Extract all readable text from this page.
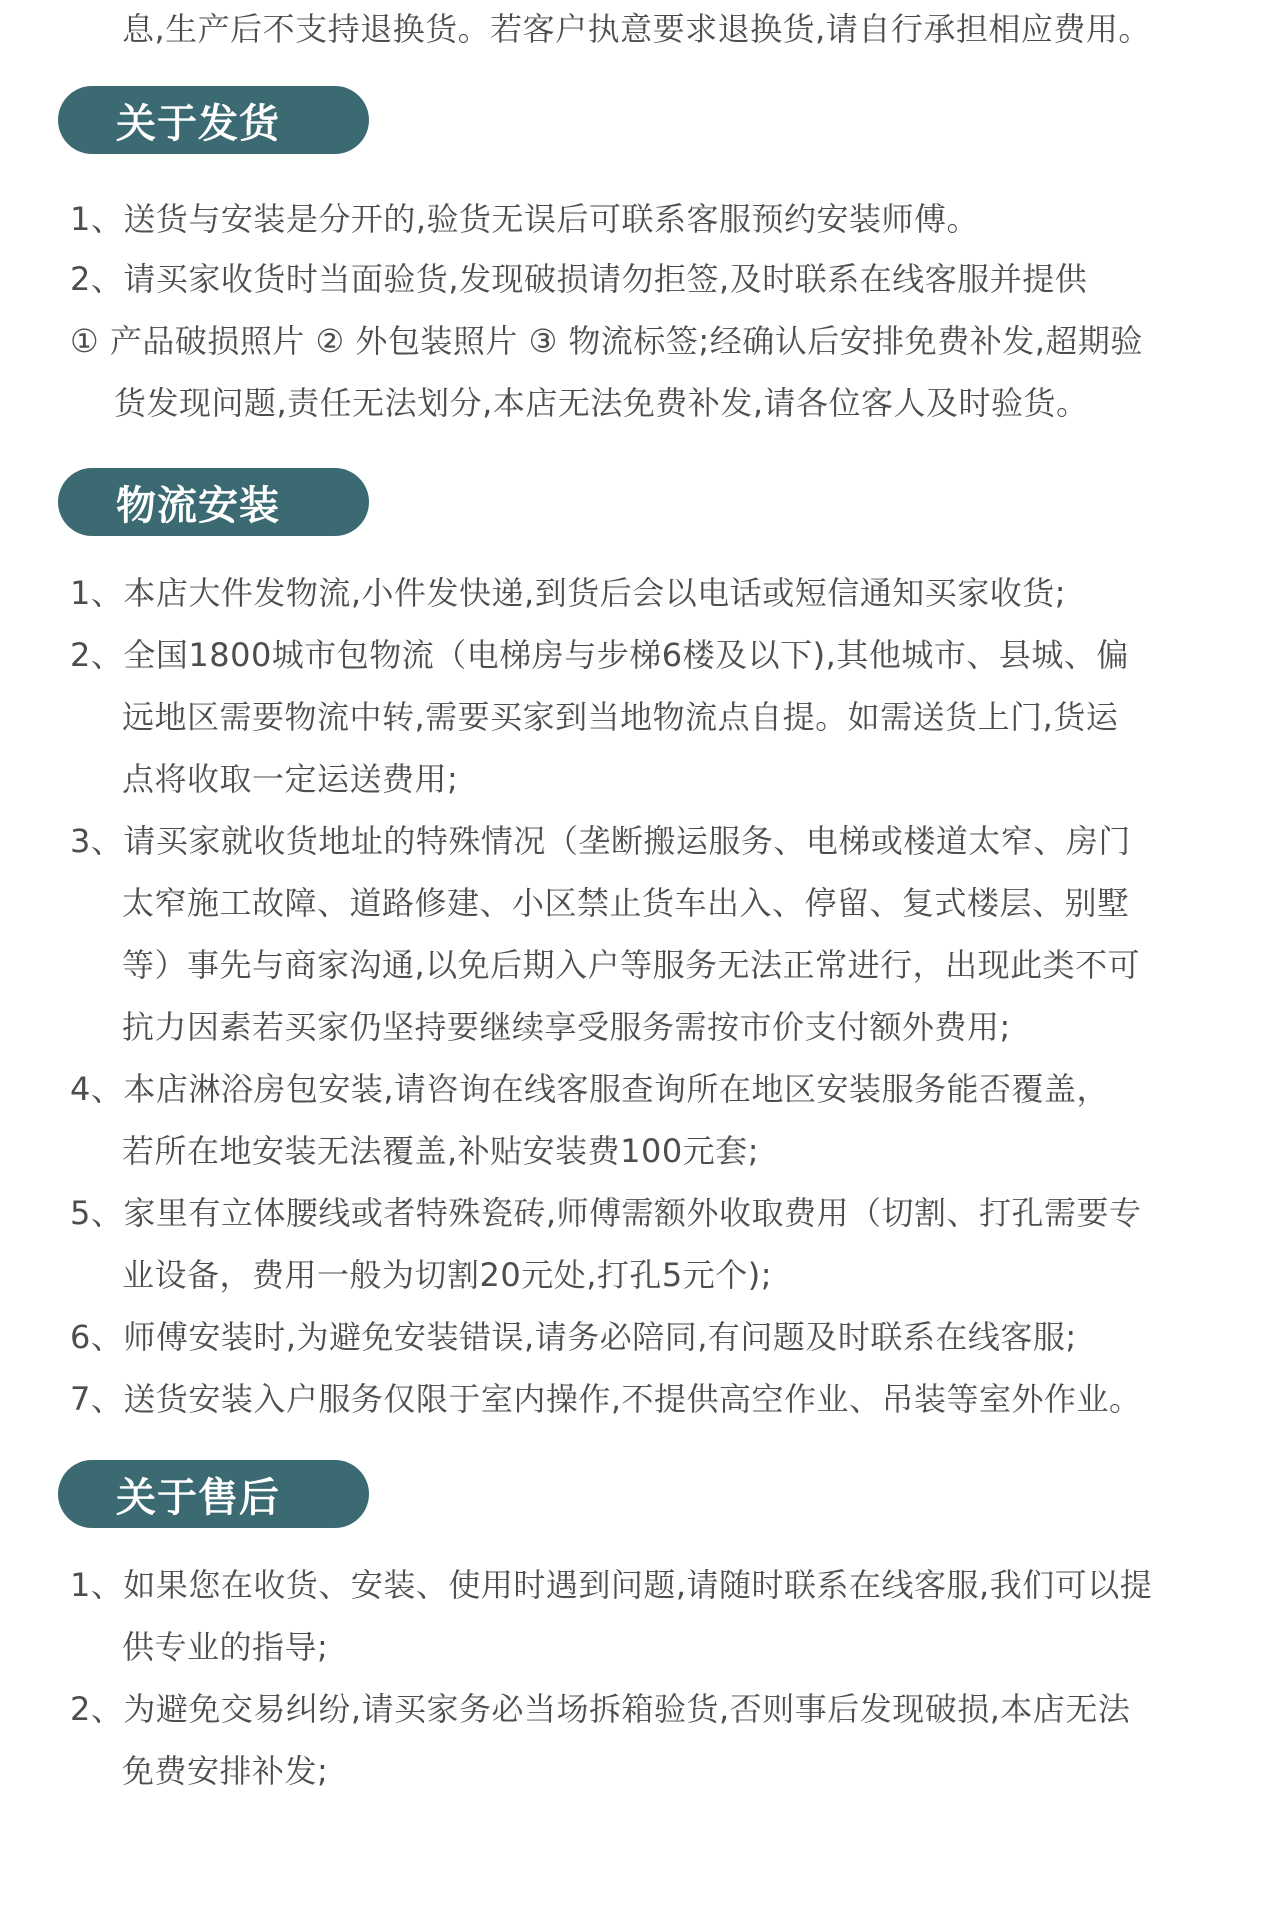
息,生产后不支持退换货。若客户执意要求退换货,请自行承担相应费用。
关于发货
1、送货与安装是分开的,验货无误后可联系客服预约安装师傅。
2、请买家收货时当面验货,发现破损请勿拒签,及时联系在线客服并提供
① 产品破损照片 ② 外包装照片 ③ 物流标签;经确认后安排免费补发,超期验
货发现问题,责任无法划分,本店无法免费补发,请各位客人及时验货。
物流安装
1、本店大件发物流,小件发快递,到货后会以电话或短信通知买家收货;
2、全国1800城市包物流（电梯房与步梯6楼及以下),其他城市、县城、偏
远地区需要物流中转,需要买家到当地物流点自提。如需送货上门,货运
点将收取一定运送费用;
3、请买家就收货地址的特殊情况（垄断搬运服务、电梯或楼道太窄、房门
太窄施工故障、道路修建、小区禁止货车出入、停留、复式楼层、别墅
等）事先与商家沟通,以免后期入户等服务无法正常进行，出现此类不可
抗力因素若买家仍坚持要继续享受服务需按市价支付额外费用;
4、本店淋浴房包安装,请咨询在线客服查询所在地区安装服务能否覆盖，
若所在地安装无法覆盖,补贴安装费100元套;
5、家里有立体腰线或者特殊瓷砖,师傅需额外收取费用（切割、打孔需要专
业设备，费用一般为切割20元处,打孔5元个);
6、师傅安装时,为避免安装错误,请务必陪同,有问题及时联系在线客服;
7、送货安装入户服务仅限于室内操作,不提供高空作业、吊装等室外作业。
关于售后
1、如果您在收货、安装、使用时遇到问题,请随时联系在线客服,我们可以提
供专业的指导;
2、为避免交易纠纷,请买家务必当场拆箱验货,否则事后发现破损,本店无法
免费安排补发;
